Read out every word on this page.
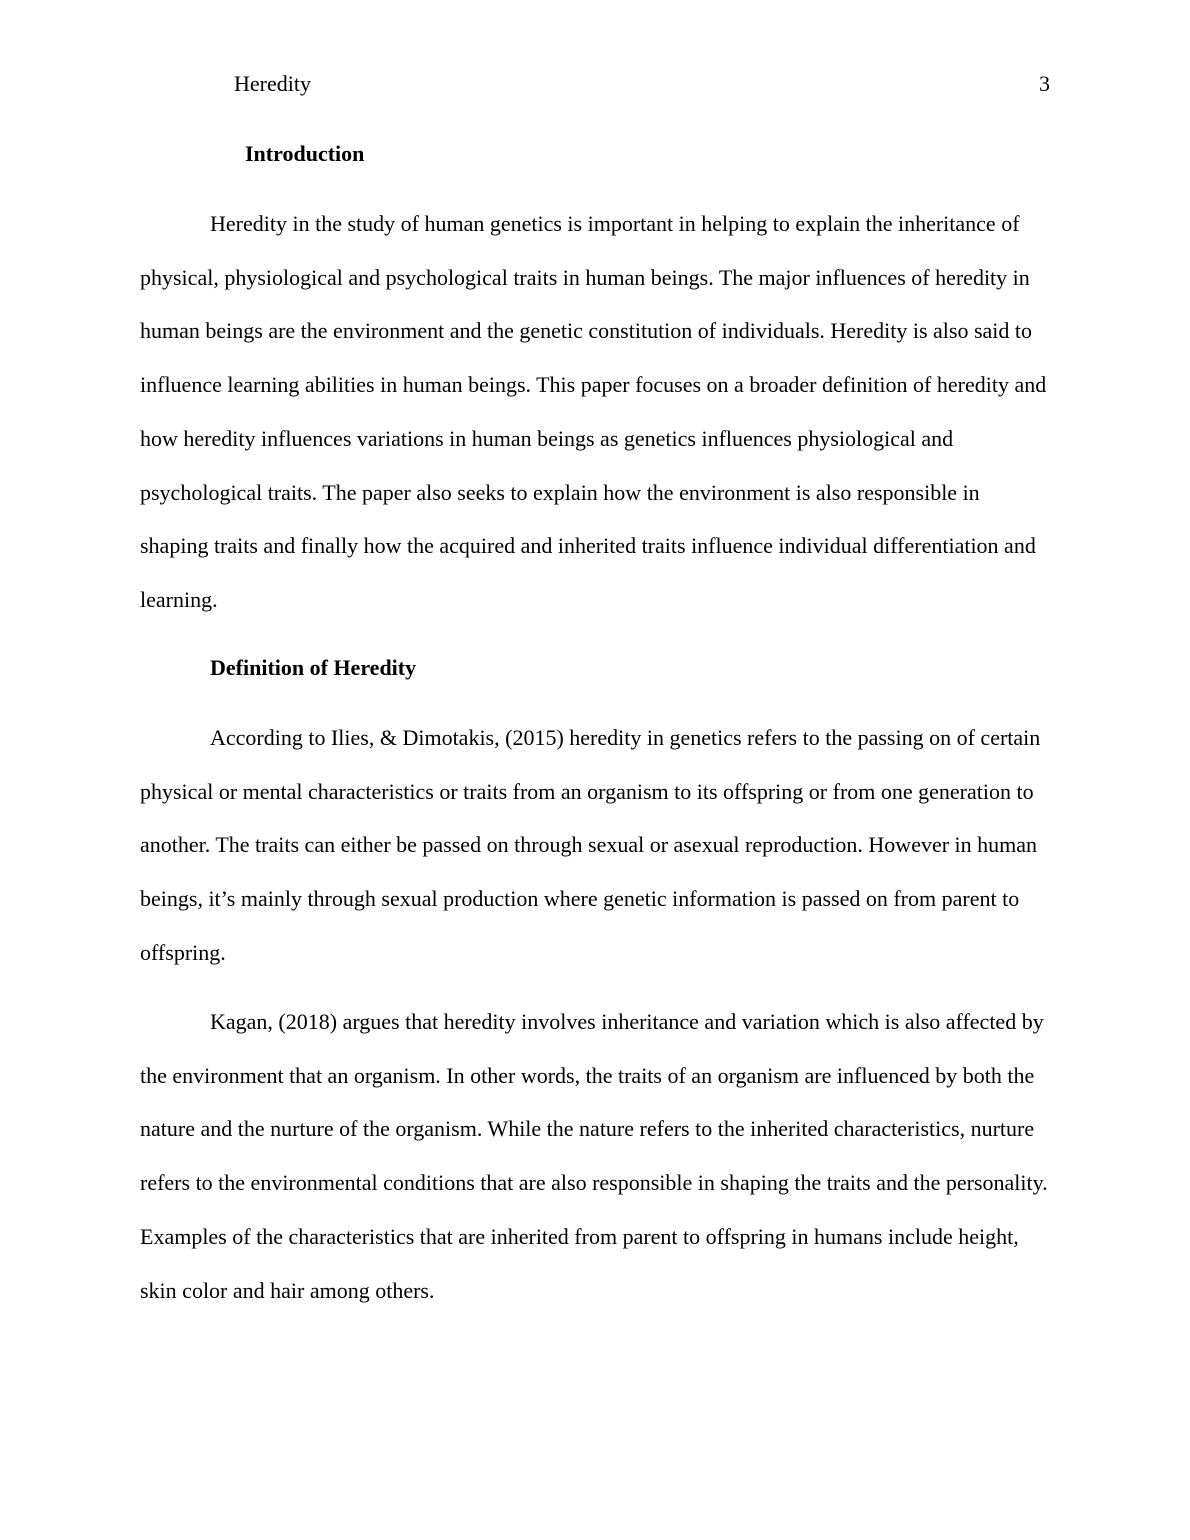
Heredity	3
Introduction

Heredity in the study of human genetics is important in helping to explain the inheritance of physical, physiological and psychological traits in human beings. The major influences of heredity in human beings are the environment and the genetic constitution of individuals. Heredity is also said to influence learning abilities in human beings. This paper focuses on a broader definition of heredity and how heredity influences variations in human beings as genetics influences physiological and psychological traits. The paper also seeks to explain how the environment is also responsible in shaping traits and finally how the acquired and inherited traits influence individual differentiation and learning.

Definition of Heredity

According to Ilies, & Dimotakis, (2015) heredity in genetics refers to the passing on of certain physical or mental characteristics or traits from an organism to its offspring or from one generation to another. The traits can either be passed on through sexual or asexual reproduction. However in human beings, it’s mainly through sexual production where genetic information is passed on from parent to offspring.

Kagan, (2018) argues that heredity involves inheritance and variation which is also affected by the environment that an organism. In other words, the traits of an organism are influenced by both the nature and the nurture of the organism. While the nature refers to the inherited characteristics, nurture refers to the environmental conditions that are also responsible in shaping the traits and the personality. Examples of the characteristics that are inherited from parent to offspring in humans include height, skin color and hair among others.
